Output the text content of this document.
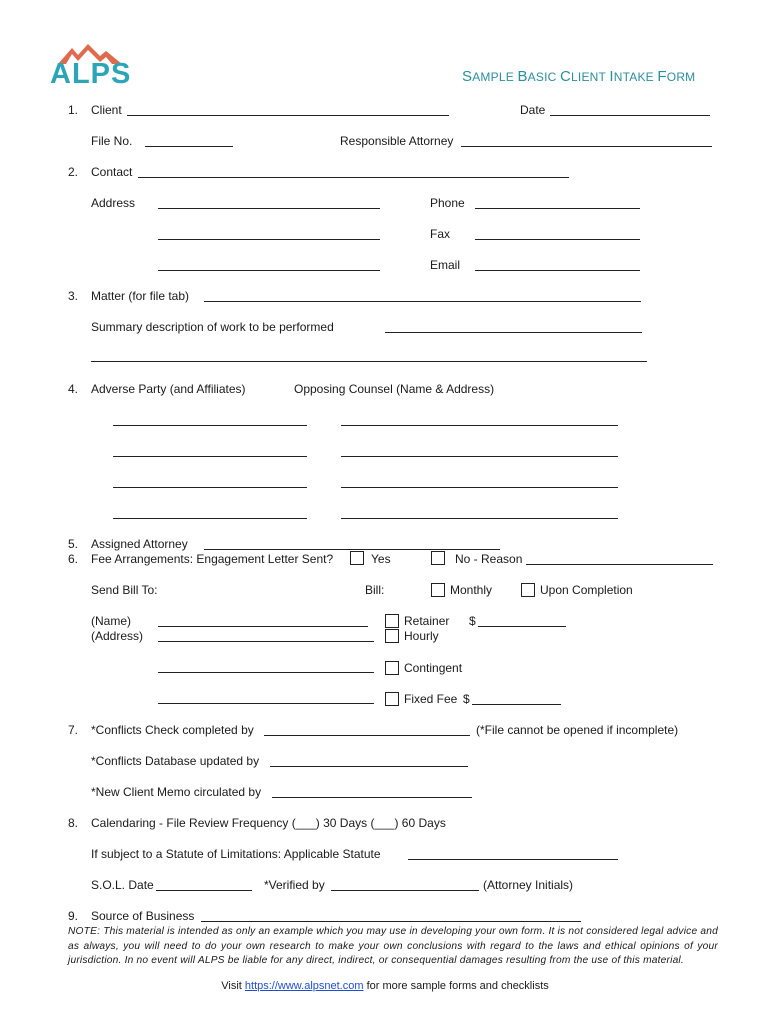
ALPS	SAMPLE BASIC CLIENT INTAKE FORM
1. Client	Date
File No.	Responsible Attorney
2. Contact
Address	Phone
Fax
Email
3. Matter (for file tab)
Summary description of work to be performed
4. Adverse Party (and Affiliates)	Opposing Counsel (Name & Address)
5. Assigned Attorney
6. Fee Arrangements: Engagement Letter Sent?	Yes	No - Reason
Send Bill To:	Bill:	Monthly	Upon Completion
(Name)
(Address)
Retainer $
Hourly
Contingent
Fixed Fee $
7. *Conflicts Check completed by	(*File cannot be opened if incomplete)
*Conflicts Database updated by
*New Client Memo circulated by
8. Calendaring - File Review Frequency (___) 30 Days (___) 60 Days
If subject to a Statute of Limitations: Applicable Statute
S.O.L. Date	*Verified by	(Attorney Initials)
9. Source of Business
NOTE: This material is intended as only an example which you may use in developing your own form. It is not considered legal advice and as always, you will need to do your own research to make your own conclusions with regard to the laws and ethical opinions of your jurisdiction. In no event will ALPS be liable for any direct, indirect, or consequential damages resulting from the use of this material.
Visit https://www.alpsnet.com for more sample forms and checklists
